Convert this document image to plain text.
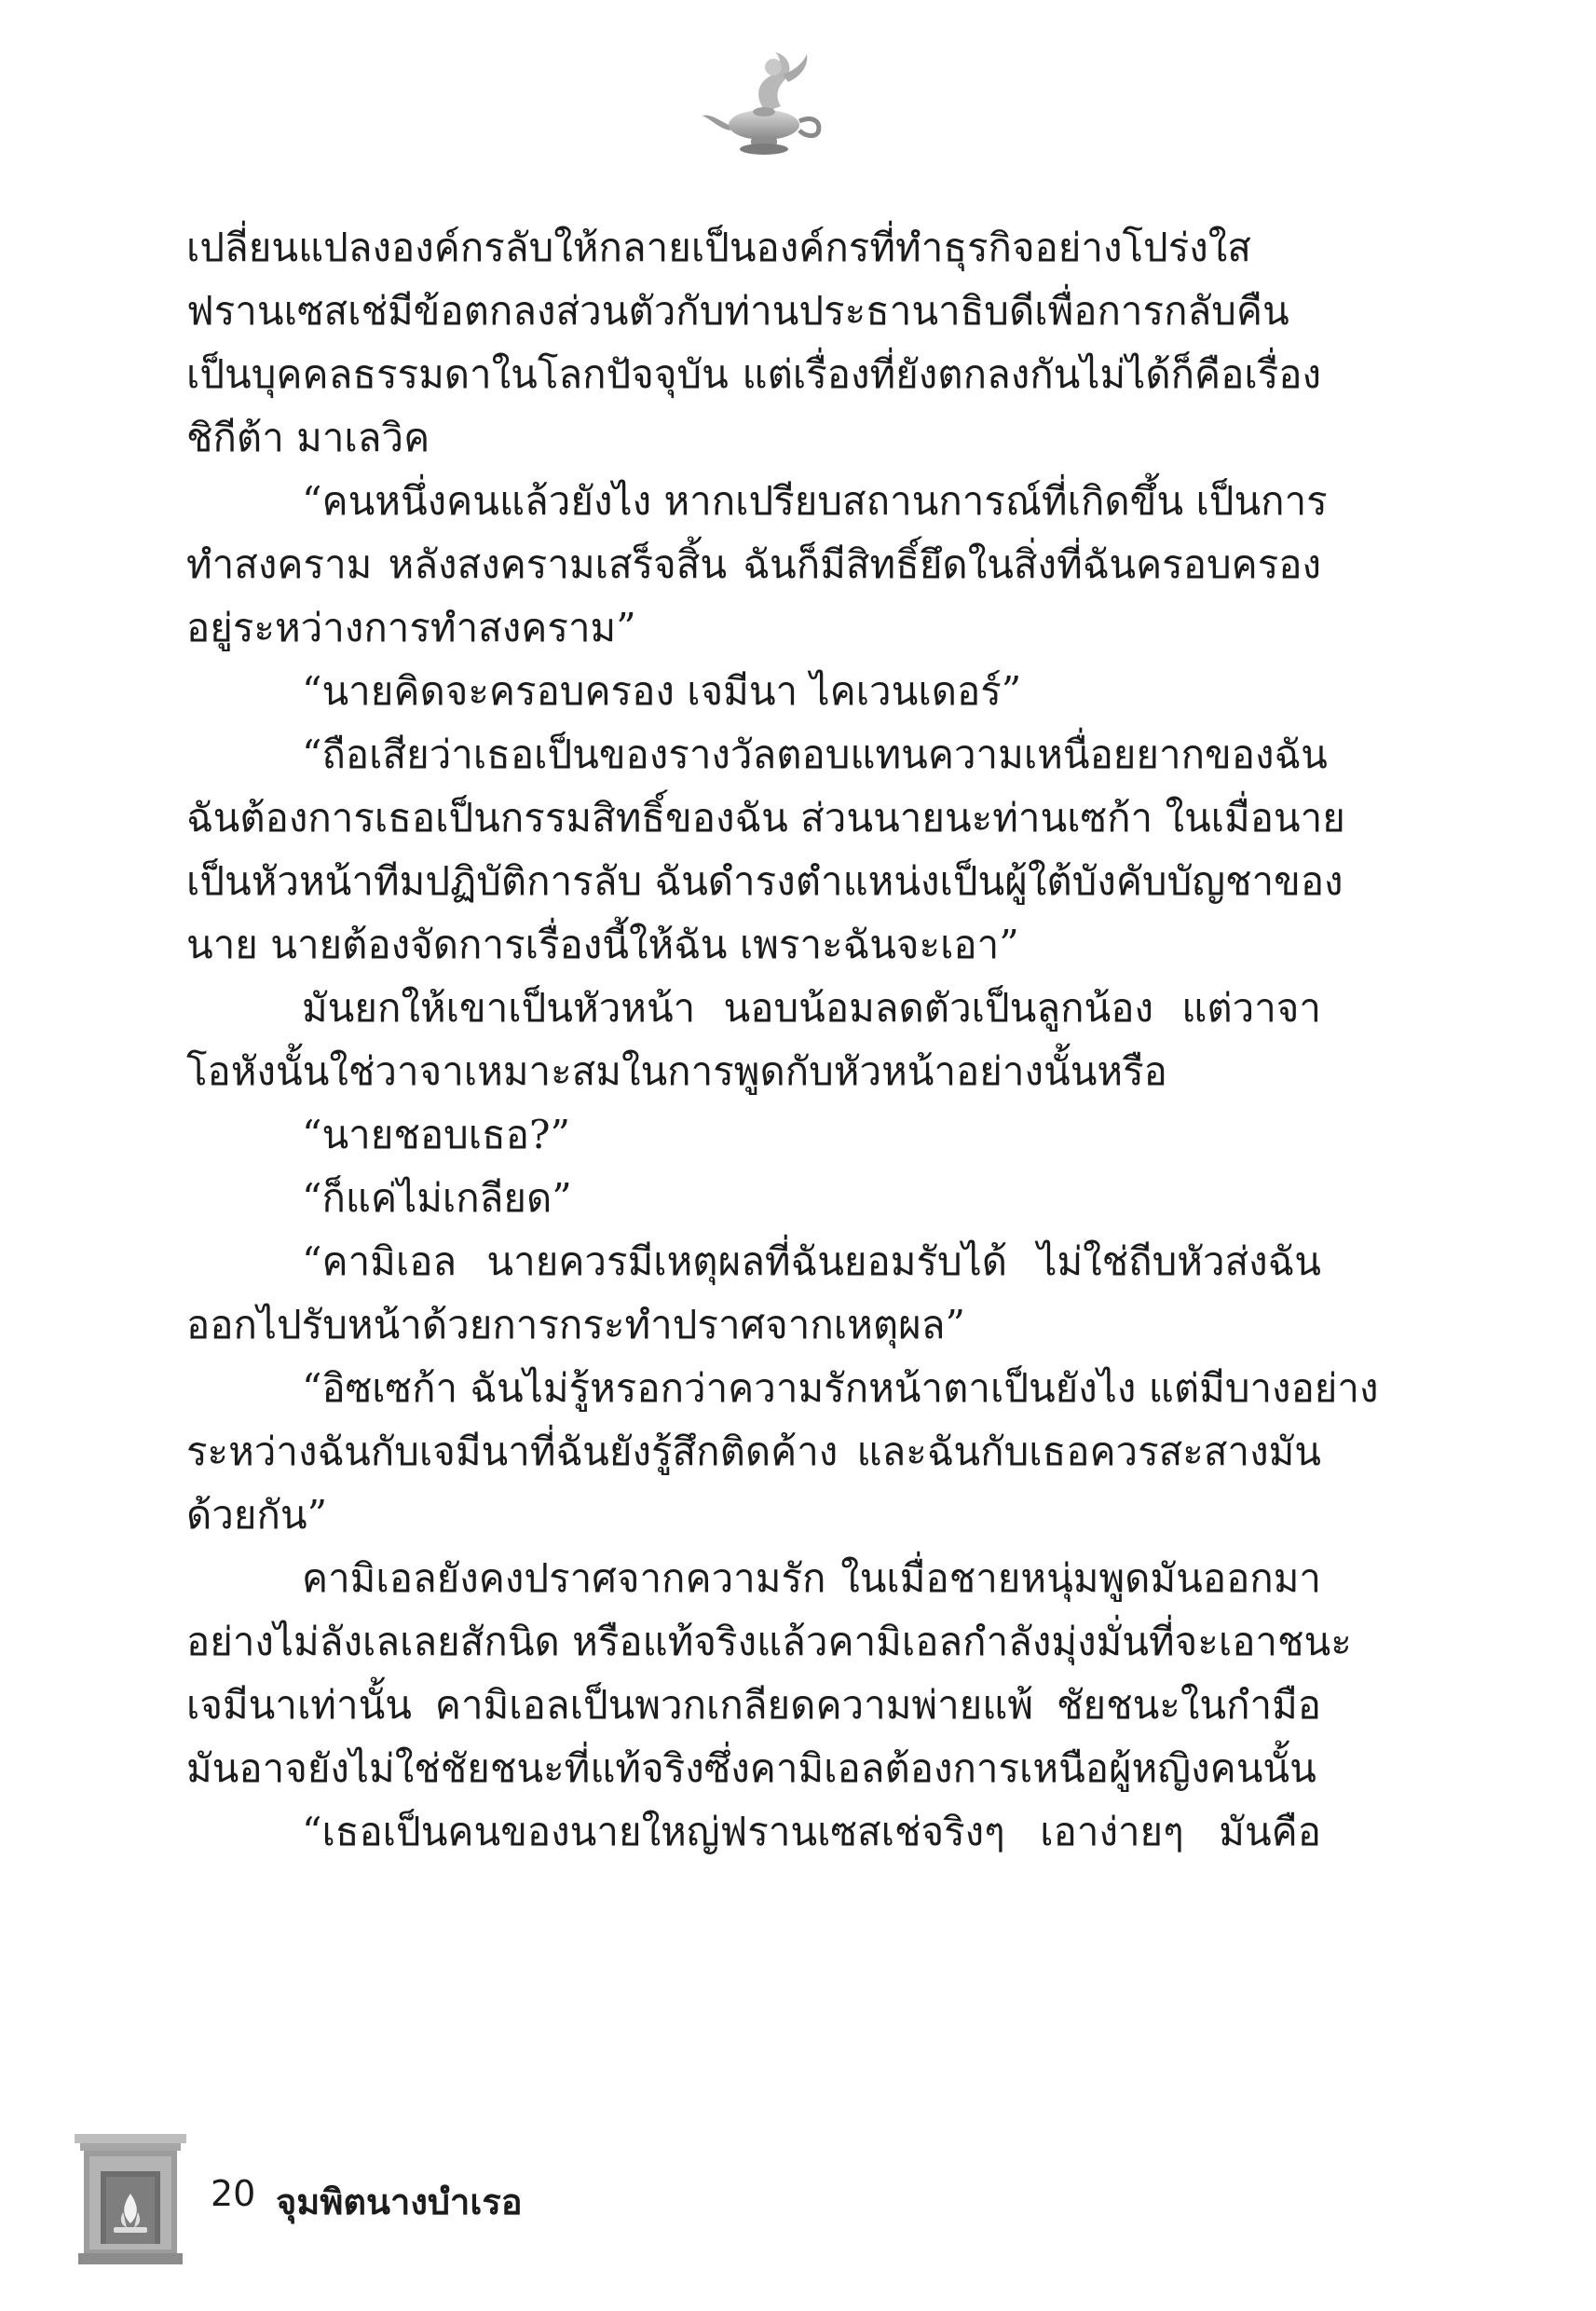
เปลี่ยนแปลงองค์กรลับให้กลายเป็นองค์กรที่ทำธุรกิจอย่างโปร่งใส
ฟรานเซสเช่มีข้อตกลงส่วนตัวกับท่านประธานาธิบดีเพื่อการกลับคืน
เป็นบุคคลธรรมดาในโลกปัจจุบัน แต่เรื่องที่ยังตกลงกันไม่ได้ก็คือเรื่อง
ชิกีต้า มาเลวิค
“คนหนึ่งคนแล้วยังไง หากเปรียบสถานการณ์ที่เกิดขึ้น เป็นการ
ทำสงคราม หลังสงครามเสร็จสิ้น ฉันก็มีสิทธิ์ยึดในสิ่งที่ฉันครอบครอง
อยู่ระหว่างการทำสงคราม”
“นายคิดจะครอบครอง เจมีนา ไคเวนเดอร์”
“ถือเสียว่าเธอเป็นของรางวัลตอบแทนความเหนื่อยยากของฉัน
ฉันต้องการเธอเป็นกรรมสิทธิ์ของฉัน ส่วนนายนะท่านเซก้า ในเมื่อนาย
เป็นหัวหน้าทีมปฏิบัติการลับ ฉันดำรงตำแหน่งเป็นผู้ใต้บังคับบัญชาของ
นาย นายต้องจัดการเรื่องนี้ให้ฉัน เพราะฉันจะเอา”
มันยกให้เขาเป็นหัวหน้า นอบน้อมลดตัวเป็นลูกน้อง แต่วาจา
โอหังนั้นใช่วาจาเหมาะสมในการพูดกับหัวหน้าอย่างนั้นหรือ
“นายชอบเธอ?”
“ก็แค่ไม่เกลียด”
“คามิเอล นายควรมีเหตุผลที่ฉันยอมรับได้ ไม่ใช่ถีบหัวส่งฉัน
ออกไปรับหน้าด้วยการกระทำปราศจากเหตุผล”
“อิซเซก้า ฉันไม่รู้หรอกว่าความรักหน้าตาเป็นยังไง แต่มีบางอย่าง
ระหว่างฉันกับเจมีนาที่ฉันยังรู้สึกติดค้าง และฉันกับเธอควรสะสางมัน
ด้วยกัน”
คามิเอลยังคงปราศจากความรัก ในเมื่อชายหนุ่มพูดมันออกมา
อย่างไม่ลังเลเลยสักนิด หรือแท้จริงแล้วคามิเอลกำลังมุ่งมั่นที่จะเอาชนะ
เจมีนาเท่านั้น คามิเอลเป็นพวกเกลียดความพ่ายแพ้ ชัยชนะในกำมือ
มันอาจยังไม่ใช่ชัยชนะที่แท้จริงซึ่งคามิเอลต้องการเหนือผู้หญิงคนนั้น
“เธอเป็นคนของนายใหญ่ฟรานเซสเช่จริงๆ เอาง่ายๆ มันคือ
20 จุมพิตนางบำเรอ
